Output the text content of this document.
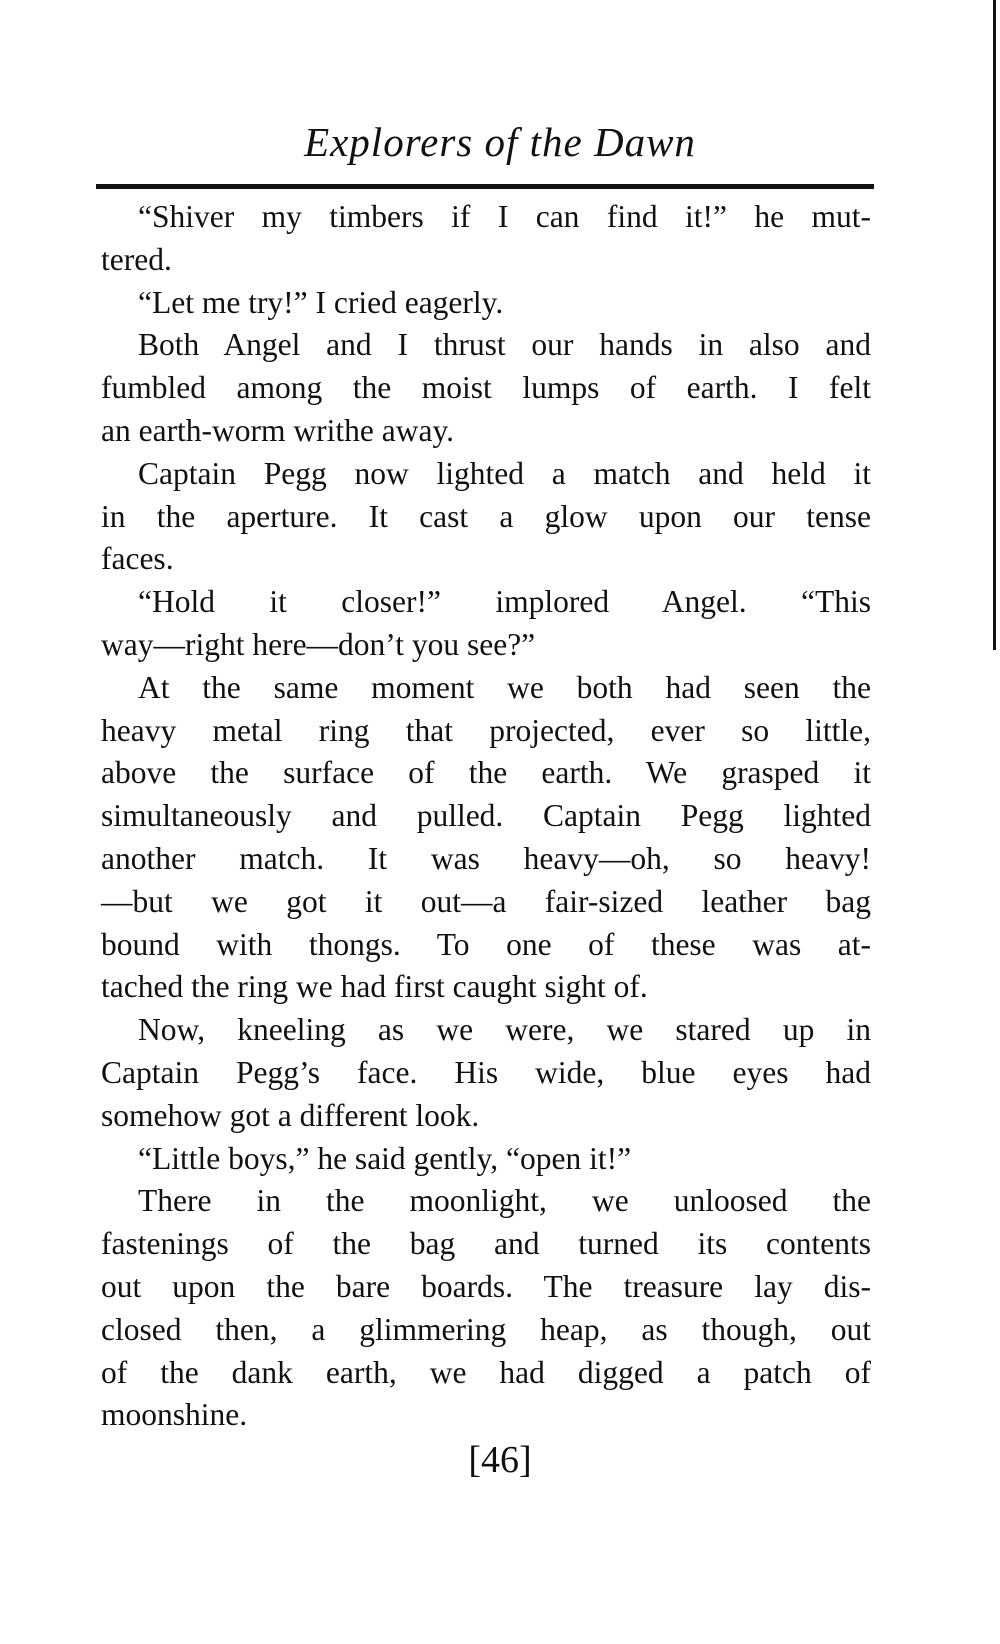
Explorers of the Dawn
“Shiver my timbers if I can find it!” he mut-
tered.
“Let me try!” I cried eagerly.
Both Angel and I thrust our hands in also and
fumbled among the moist lumps of earth. I felt
an earth-worm writhe away.
Captain Pegg now lighted a match and held it
in the aperture. It cast a glow upon our tense
faces.
“Hold it closer!” implored Angel. “This
way—right here—don’t you see?”
At the same moment we both had seen the
heavy metal ring that projected, ever so little,
above the surface of the earth. We grasped it
simultaneously and pulled. Captain Pegg lighted
another match. It was heavy—oh, so heavy!
—but we got it out—a fair-sized leather bag
bound with thongs. To one of these was at-
tached the ring we had first caught sight of.
Now, kneeling as we were, we stared up in
Captain Pegg’s face. His wide, blue eyes had
somehow got a different look.
“Little boys,” he said gently, “open it!”
There in the moonlight, we unloosed the
fastenings of the bag and turned its contents
out upon the bare boards. The treasure lay dis-
closed then, a glimmering heap, as though, out
of the dank earth, we had digged a patch of
moonshine.
[46]
